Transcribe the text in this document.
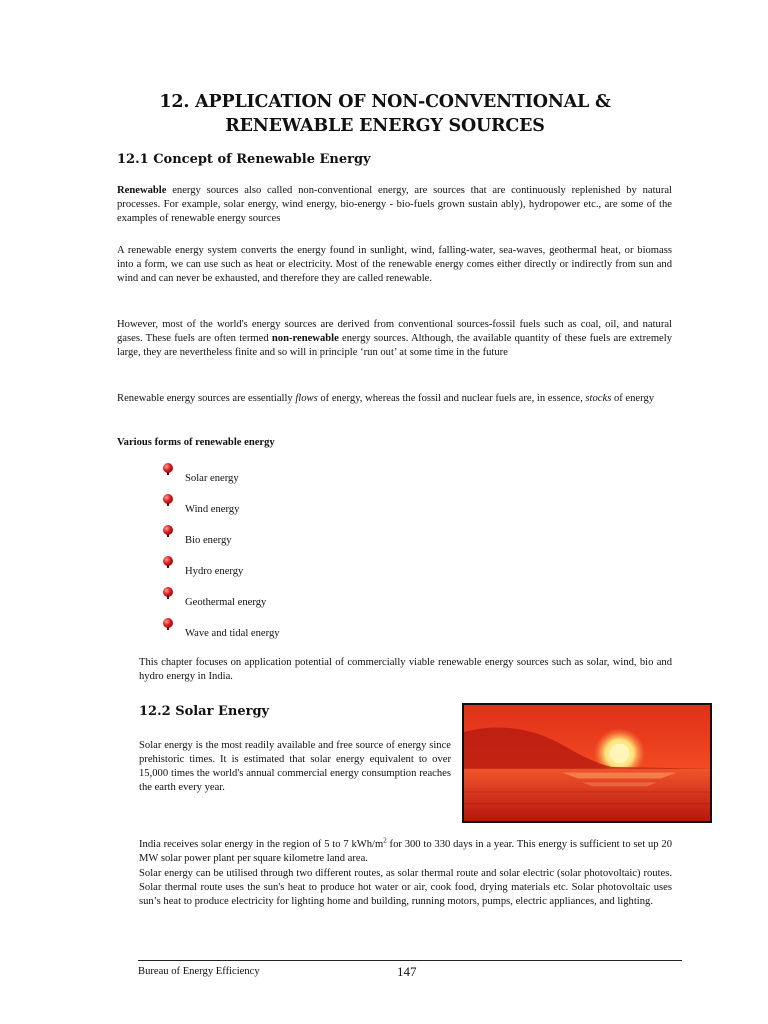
12. APPLICATION OF NON-CONVENTIONAL &
RENEWABLE ENERGY SOURCES
12.1 Concept of Renewable Energy

Renewable energy sources also called non-conventional energy, are sources that are continuously replenished by natural processes. For example, solar energy, wind energy, bio-energy - bio-fuels grown sustain ably), hydropower etc., are some of the examples of renewable energy sources

A renewable energy system converts the energy found in sunlight, wind, falling-water, sea-waves, geothermal heat, or biomass into a form, we can use such as heat or electricity. Most of the renewable energy comes either directly or indirectly from sun and wind and can never be exhausted, and therefore they are called renewable.

However, most of the world's energy sources are derived from conventional sources-fossil fuels such as coal, oil, and natural gases. These fuels are often termed non-renewable energy sources. Although, the available quantity of these fuels are extremely large, they are nevertheless finite and so will in principle ‘run out’ at some time in the future

Renewable energy sources are essentially flows of energy, whereas the fossil and nuclear fuels are, in essence, stocks of energy

Various forms of renewable energy
Solar energy
Wind energy
Bio energy
Hydro energy
Geothermal energy
Wave and tidal energy

This chapter focuses on application potential of commercially viable renewable energy sources such as solar, wind, bio and hydro energy in India.

12.2 Solar Energy

Solar energy is the most readily available and free source of energy since prehistoric times. It is estimated that solar energy equivalent to over 15,000 times the world's annual commercial energy consumption reaches the earth every year.

India receives solar energy in the region of 5 to 7 kWh/$m^2$ for 300 to 330 days in a year. This energy is sufficient to set up 20 MW solar power plant per square kilometre land area.

Solar energy can be utilised through two different routes, as solar thermal route and solar electric (solar photovoltaic) routes. Solar thermal route uses the sun's heat to produce hot water or air, cook food, drying materials etc. Solar photovoltaic uses sun’s heat to produce electricity for lighting home and building, running motors, pumps, electric appliances, and lighting.

Bureau of Energy Efficiency	147
